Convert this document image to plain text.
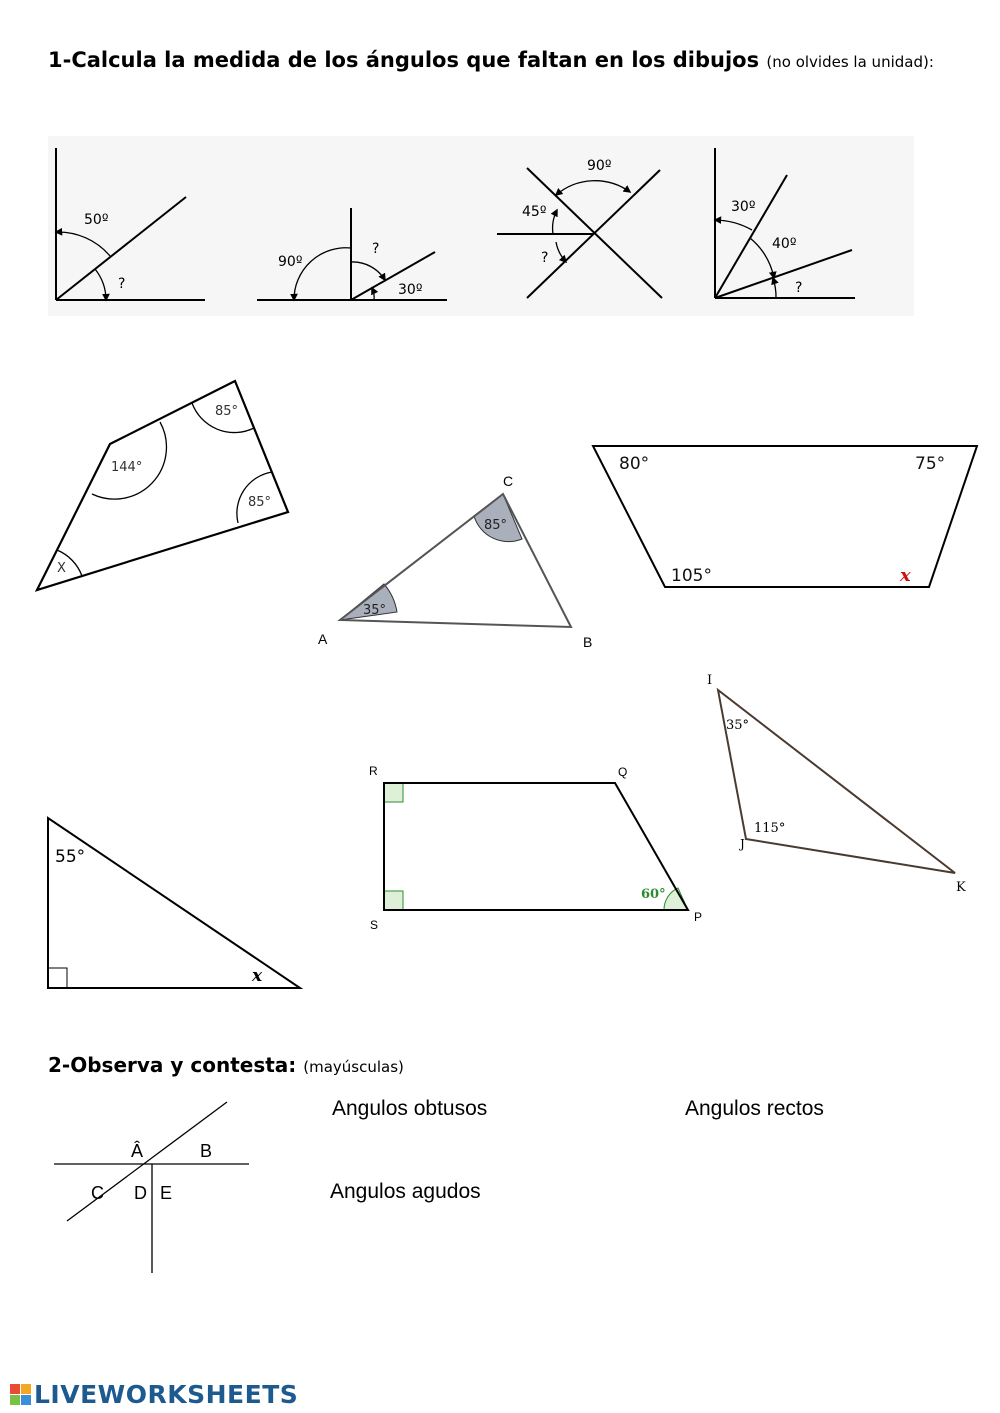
1-Calcula la medida de los ángulos que faltan en los dibujos (no olvides la unidad):
50º
?
90º
?
30º
90º
45º
?
30º
40º
?
144°
85°
85°
X
35°
85°
A	B
C
80°	75°
105°	x
I
35°
115°
J
K
55°
x
R	Q
S
P
60°
2-Observa y contesta: (mayúsculas)
Â	B
C D E
Angulos obtusos	Angulos rectos
Angulos agudos
LIVEWORKSHEETS
